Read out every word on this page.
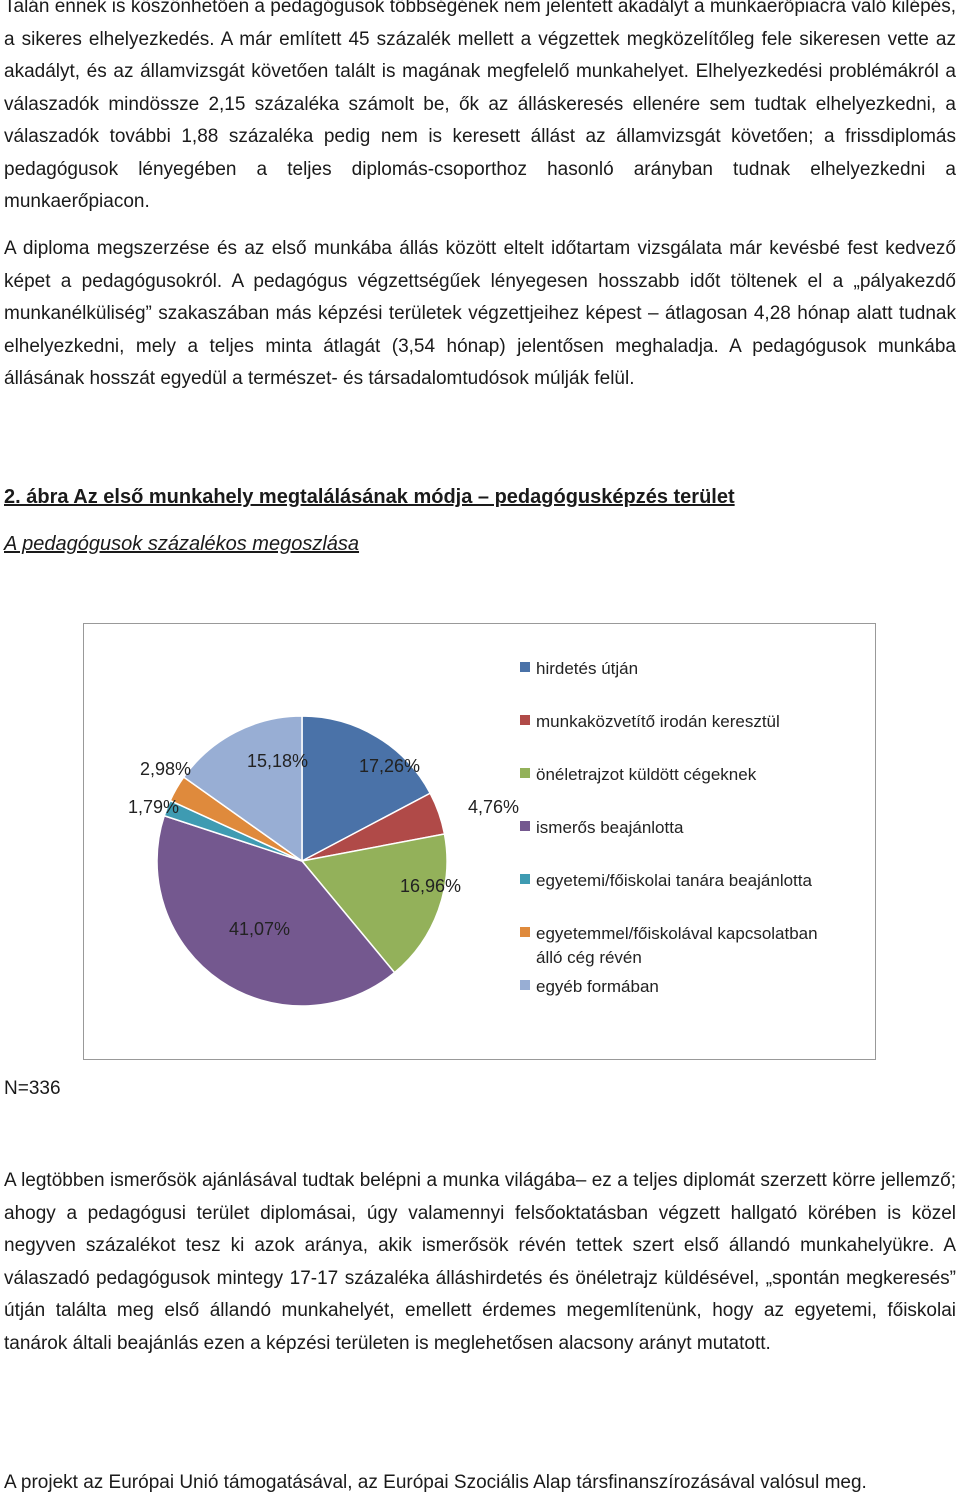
Talán ennek is köszönhetően a pedagógusok többségének nem jelentett akadályt a munkaerőpiacra való kilépés, a sikeres elhelyezkedés. A már említett 45 százalék mellett a végzettek megközelítőleg fele sikeresen vette az akadályt, és az államvizsgát követően talált is magának megfelelő munkahelyet. Elhelyezkedési problémákról a válaszadók mindössze 2,15 százaléka számolt be, ők az álláskeresés ellenére sem tudtak elhelyezkedni, a válaszadók további 1,88 százaléka pedig nem is keresett állást az államvizsgát követően; a frissdiplomás pedagógusok lényegében a teljes diplomás-csoporthoz hasonló arányban tudnak elhelyezkedni a munkaerőpiacon.

A diploma megszerzése és az első munkába állás között eltelt időtartam vizsgálata már kevésbé fest kedvező képet a pedagógusokról. A pedagógus végzettségűek lényegesen hosszabb időt töltenek el a „pályakezdő munkanélküliség” szakaszában más képzési területek végzettjeihez képest – átlagosan 4,28 hónap alatt tudnak elhelyezkedni, mely a teljes minta átlagát (3,54 hónap) jelentősen meghaladja. A pedagógusok munkába állásának hosszát egyedül a természet- és társadalomtudósok múlják felül.

2. ábra Az első munkahely megtalálásának módja – pedagógusképzés terület

A pedagógusok százalékos megoszlása

17,26%
4,76%
16,96%
41,07%
1,79%
2,98%	15,18%
hirdetés útján
munkaközvetítő irodán keresztül
önéletrajzot küldött cégeknek
ismerős beajánlotta
egyetemi/főiskolai tanára beajánlotta
egyetemmel/főiskolával kapcsolatban
álló cég révén
egyéb formában

N=336

A legtöbben ismerősök ajánlásával tudtak belépni a munka világába– ez a teljes diplomát szerzett körre jellemző; ahogy a pedagógusi terület diplomásai, úgy valamennyi felsőoktatásban végzett hallgató körében is közel negyven százalékot tesz ki azok aránya, akik ismerősök révén tettek szert első állandó munkahelyükre. A válaszadó pedagógusok mintegy 17-17 százaléka álláshirdetés és önéletrajz küldésével, „spontán megkeresés” útján találta meg első állandó munkahelyét, emellett érdemes megemlítenünk, hogy az egyetemi, főiskolai tanárok általi beajánlás ezen a képzési területen is meglehetősen alacsony arányt mutatott.

A projekt az Európai Unió támogatásával, az Európai Szociális Alap társfinanszírozásával valósul meg.
